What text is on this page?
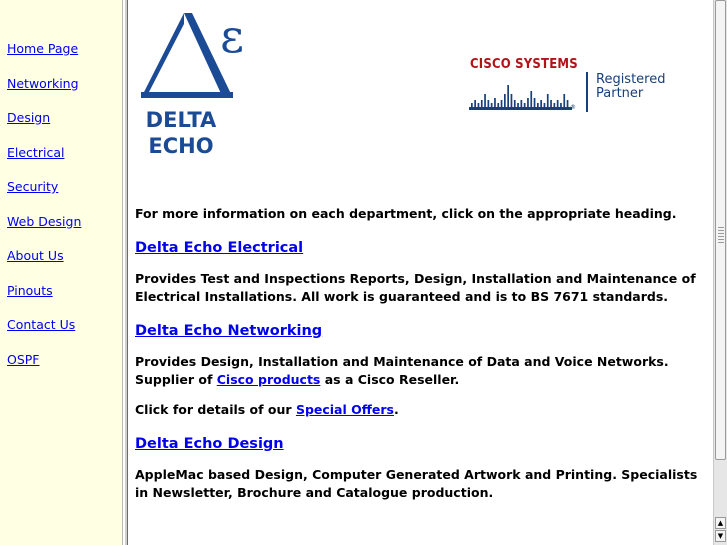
Home Page
Networking
Design
Electrical
Security
Web Design
About Us
Pinouts
Contact Us
OSPF
ε
DELTA
ECHO
CISCO SYSTEMS
®
Registered
Partner

For more information on each department, click on the appropriate heading.

Delta Echo Electrical

Provides Test and Inspections Reports, Design, Installation and Maintenance of Electrical Installations. All work is guaranteed and is to BS 7671 standards.

Delta Echo Networking

Provides Design, Installation and Maintenance of Data and Voice Networks. Supplier of Cisco products as a Cisco Reseller.

Click for details of our Special Offers.

Delta Echo Design

AppleMac based Design, Computer Generated Artwork and Printing. Specialists in Newsletter, Brochure and Catalogue production.

▲
▼
